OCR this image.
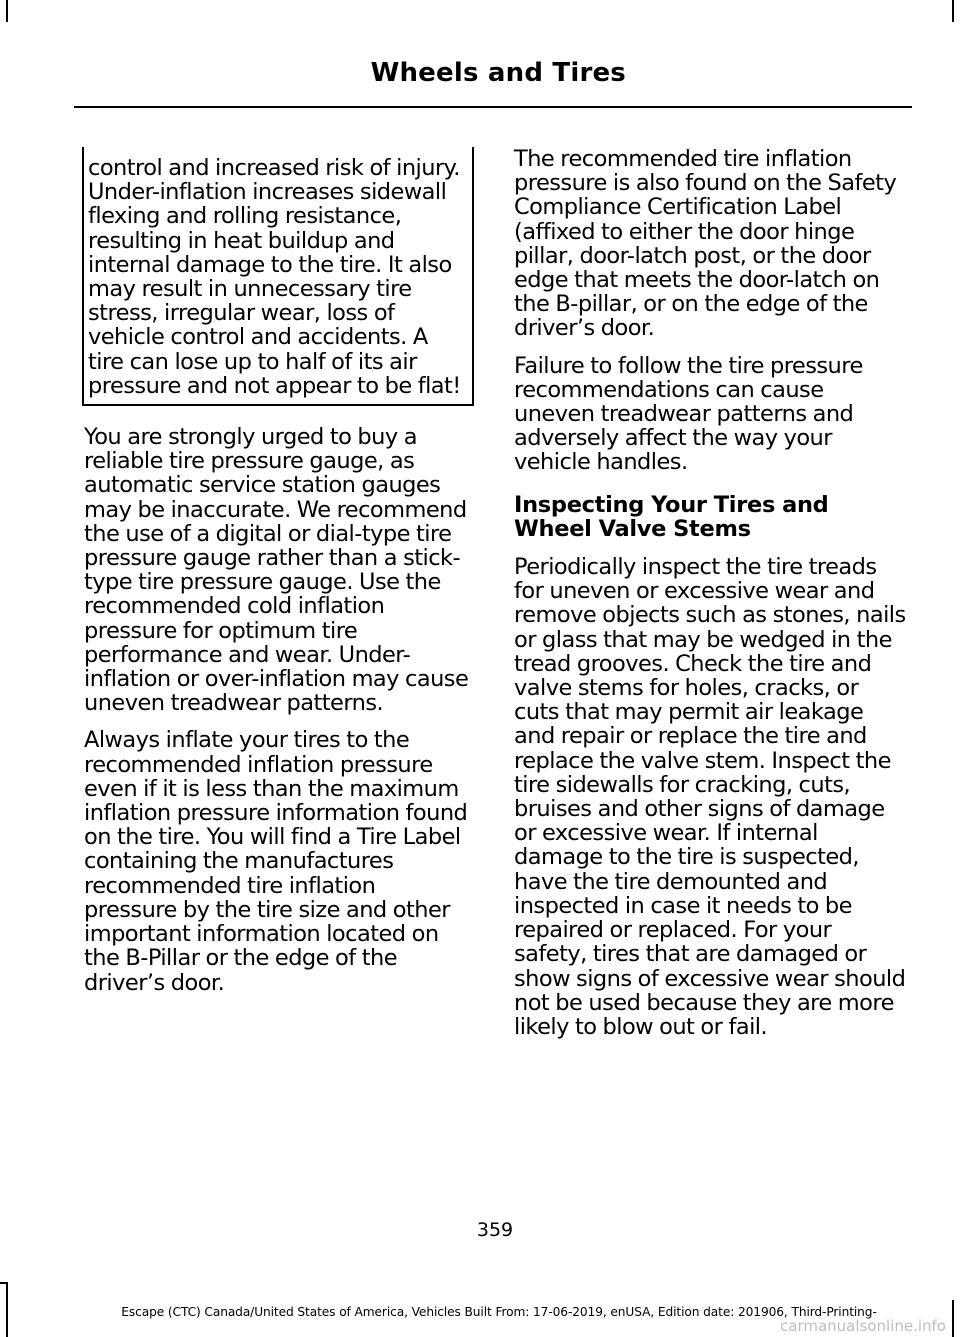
Wheels and Tires

control and increased risk of injury. Under-inflation increases sidewall flexing and rolling resistance, resulting in heat buildup and internal damage to the tire. It also may result in unnecessary tire stress, irregular wear, loss of vehicle control and accidents. A tire can lose up to half of its air pressure and not appear to be flat!

You are strongly urged to buy a reliable tire pressure gauge, as automatic service station gauges may be inaccurate. We recommend the use of a digital or dial-type tire pressure gauge rather than a stick-type tire pressure gauge. Use the recommended cold inflation pressure for optimum tire performance and wear. Under-inflation or over-inflation may cause uneven treadwear patterns.

Always inflate your tires to the recommended inflation pressure even if it is less than the maximum inflation pressure information found on the tire. You will find a Tire Label containing the manufactures recommended tire inflation pressure by the tire size and other important information located on the B-Pillar or the edge of the driver’s door.

The recommended tire inflation pressure is also found on the Safety Compliance Certification Label (affixed to either the door hinge pillar, door-latch post, or the door edge that meets the door-latch on the B-pillar, or on the edge of the driver’s door.

Failure to follow the tire pressure recommendations can cause uneven treadwear patterns and adversely affect the way your vehicle handles.

Inspecting Your Tires and Wheel Valve Stems

Periodically inspect the tire treads for uneven or excessive wear and remove objects such as stones, nails or glass that may be wedged in the tread grooves. Check the tire and valve stems for holes, cracks, or cuts that may permit air leakage and repair or replace the tire and replace the valve stem. Inspect the tire sidewalls for cracking, cuts, bruises and other signs of damage or excessive wear. If internal damage to the tire is suspected, have the tire demounted and inspected in case it needs to be repaired or replaced. For your safety, tires that are damaged or show signs of excessive wear should not be used because they are more likely to blow out or fail.

359
Escape (CTC) Canada/United States of America, Vehicles Built From: 17-06-2019, enUSA, Edition date: 201906, Third-Printing-
carmanualsonline.info
